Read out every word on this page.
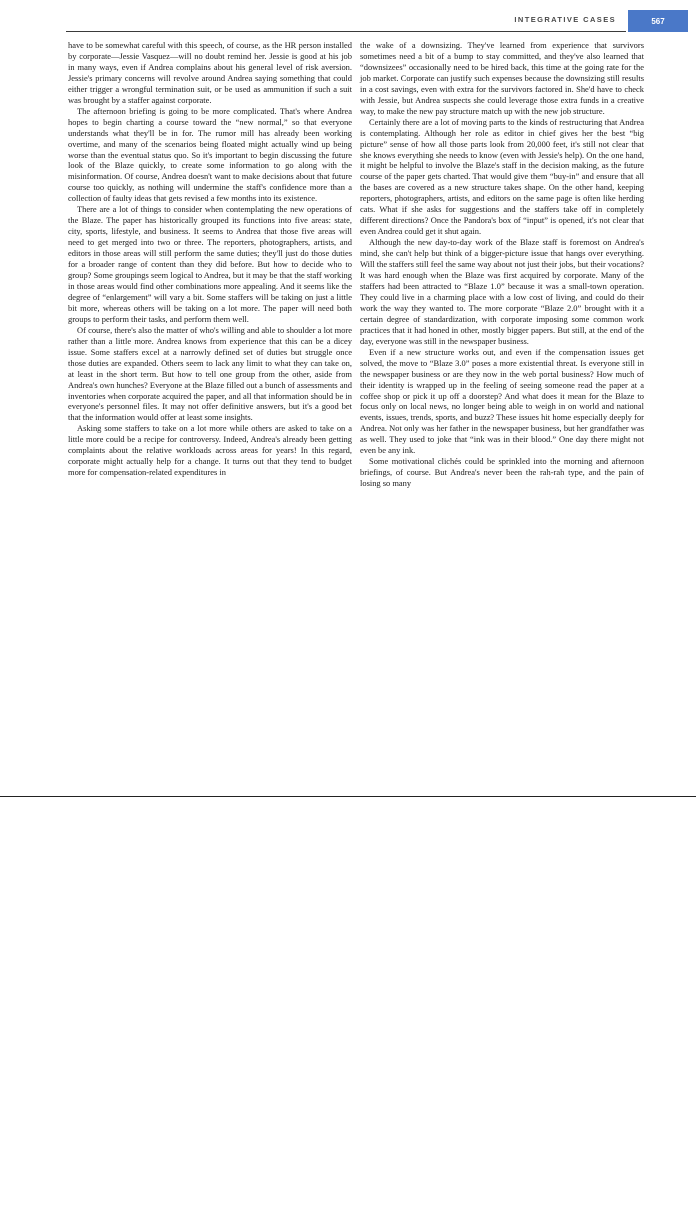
INTEGRATIVE CASES	567

have to be somewhat careful with this speech, of course, as the HR person installed by corporate—Jessie Vasquez—will no doubt remind her. Jessie is good at his job in many ways, even if Andrea complains about his general level of risk aversion. Jessie's primary concerns will revolve around Andrea saying something that could either trigger a wrongful termination suit, or be used as ammunition if such a suit was brought by a staffer against corporate.

The afternoon briefing is going to be more complicated. That's where Andrea hopes to begin charting a course toward the “new normal,” so that everyone understands what they'll be in for. The rumor mill has already been working overtime, and many of the scenarios being floated might actually wind up being worse than the eventual status quo. So it's important to begin discussing the future look of the Blaze quickly, to create some information to go along with the misinformation. Of course, Andrea doesn't want to make decisions about that future course too quickly, as nothing will undermine the staff's confidence more than a collection of faulty ideas that gets revised a few months into its existence.

There are a lot of things to consider when contemplating the new operations of the Blaze. The paper has historically grouped its functions into five areas: state, city, sports, lifestyle, and business. It seems to Andrea that those five areas will need to get merged into two or three. The reporters, photographers, artists, and editors in those areas will still perform the same duties; they'll just do those duties for a broader range of content than they did before. But how to decide who to group? Some groupings seem logical to Andrea, but it may be that the staff working in those areas would find other combinations more appealing. And it seems like the degree of “enlargement” will vary a bit. Some staffers will be taking on just a little bit more, whereas others will be taking on a lot more. The paper will need both groups to perform their tasks, and perform them well.

Of course, there's also the matter of who's willing and able to shoulder a lot more rather than a little more. Andrea knows from experience that this can be a dicey issue. Some staffers excel at a narrowly defined set of duties but struggle once those duties are expanded. Others seem to lack any limit to what they can take on, at least in the short term. But how to tell one group from the other, aside from Andrea's own hunches? Everyone at the Blaze filled out a bunch of assessments and inventories when corporate acquired the paper, and all that information should be in everyone's personnel files. It may not offer definitive answers, but it's a good bet that the information would offer at least some insights.

Asking some staffers to take on a lot more while others are asked to take on a little more could be a recipe for controversy. Indeed, Andrea's already been getting complaints about the relative workloads across areas for years! In this regard, corporate might actually help for a change. It turns out that they tend to budget more for compensation-related expenditures in

the wake of a downsizing. They've learned from experience that survivors sometimes need a bit of a bump to stay committed, and they've also learned that “downsizees” occasionally need to be hired back, this time at the going rate for the job market. Corporate can justify such expenses because the downsizing still results in a cost savings, even with extra for the survivors factored in. She'd have to check with Jessie, but Andrea suspects she could leverage those extra funds in a creative way, to make the new pay structure match up with the new job structure.

Certainly there are a lot of moving parts to the kinds of restructuring that Andrea is contemplating. Although her role as editor in chief gives her the best “big picture” sense of how all those parts look from 20,000 feet, it's still not clear that she knows everything she needs to know (even with Jessie's help). On the one hand, it might be helpful to involve the Blaze's staff in the decision making, as the future course of the paper gets charted. That would give them “buy-in” and ensure that all the bases are covered as a new structure takes shape. On the other hand, keeping reporters, photographers, artists, and editors on the same page is often like herding cats. What if she asks for suggestions and the staffers take off in completely different directions? Once the Pandora's box of “input” is opened, it's not clear that even Andrea could get it shut again.

Although the new day-to-day work of the Blaze staff is foremost on Andrea's mind, she can't help but think of a bigger-picture issue that hangs over everything. Will the staffers still feel the same way about not just their jobs, but their vocations? It was hard enough when the Blaze was first acquired by corporate. Many of the staffers had been attracted to “Blaze 1.0” because it was a small-town operation. They could live in a charming place with a low cost of living, and could do their work the way they wanted to. The more corporate “Blaze 2.0” brought with it a certain degree of standardization, with corporate imposing some common work practices that it had honed in other, mostly bigger papers. But still, at the end of the day, everyone was still in the newspaper business.

Even if a new structure works out, and even if the compensation issues get solved, the move to “Blaze 3.0” poses a more existential threat. Is everyone still in the newspaper business or are they now in the web portal business? How much of their identity is wrapped up in the feeling of seeing someone read the paper at a coffee shop or pick it up off a doorstep? And what does it mean for the Blaze to focus only on local news, no longer being able to weigh in on world and national events, issues, trends, sports, and buzz? These issues hit home especially deeply for Andrea. Not only was her father in the newspaper business, but her grandfather was as well. They used to joke that “ink was in their blood.” One day there might not even be any ink.

Some motivational clichés could be sprinkled into the morning and afternoon briefings, of course. But Andrea's never been the rah-rah type, and the pain of losing so many
